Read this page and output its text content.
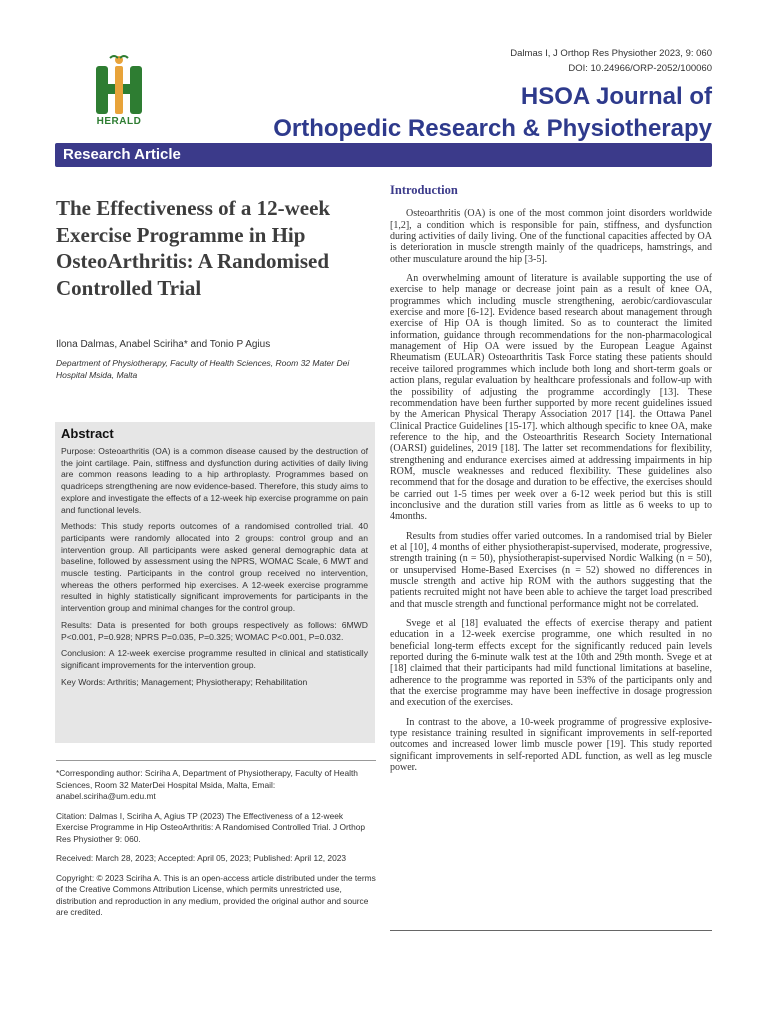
Dalmas I, J Orthop Res Physiother 2023, 9: 060
DOI: 10.24966/ORP-2052/100060
HERALD
HSOA Journal of
Orthopedic Research & Physiotherapy
Research Article
The Effectiveness of a 12-week Exercise Programme in Hip OsteoArthritis: A Randomised Controlled Trial
Ilona Dalmas, Anabel Sciriha* and Tonio P Agius
Department of Physiotherapy, Faculty of Health Sciences, Room 32 Mater Dei Hospital Msida, Malta
Abstract

Purpose: Osteoarthritis (OA) is a common disease caused by the destruction of the joint cartilage. Pain, stiffness and dysfunction during activities of daily living are common reasons leading to a hip arthroplasty. Programmes based on quadriceps strengthening are now evidence-based. Therefore, this study aims to explore and investigate the effects of a 12-week hip exercise programme on pain and functional levels.

Methods: This study reports outcomes of a randomised controlled trial. 40 participants were randomly allocated into 2 groups: control group and an intervention group. All participants were asked general demographic data at baseline, followed by assessment using the NPRS, WOMAC Scale, 6 MWT and muscle testing. Participants in the control group received no intervention, whereas the others performed hip exercises. A 12-week exercise programme resulted in highly statistically significant improvements for participants in the intervention group and minimal changes for the control group.

Results: Data is presented for both groups respectively as follows: 6MWD P<0.001, P=0.928; NPRS P=0.035, P=0.325; WOMAC P<0.001, P=0.032.

Conclusion: A 12-week exercise programme resulted in clinical and statistically significant improvements for the intervention group.

Key Words: Arthritis; Management; Physiotherapy; Rehabilitation

*Corresponding author: Sciriha A, Department of Physiotherapy, Faculty of Health Sciences, Room 32 MaterDei Hospital Msida, Malta, Email: anabel.sciriha@um.edu.mt

Citation: Dalmas I, Sciriha A, Agius TP (2023) The Effectiveness of a 12-week Exercise Programme in Hip OsteoArthritis: A Randomised Controlled Trial. J Orthop Res Physiother 9: 060.

Received: March 28, 2023; Accepted: April 05, 2023; Published: April 12, 2023

Copyright: © 2023 Sciriha A. This is an open-access article distributed under the terms of the Creative Commons Attribution License, which permits unrestricted use, distribution and reproduction in any medium, provided the original author and source are credited.

Introduction

Osteoarthritis (OA) is one of the most common joint disorders worldwide [1,2], a condition which is responsible for pain, stiffness, and dysfunction during activities of daily living. One of the functional capacities affected by OA is deterioration in muscle strength mainly of the quadriceps, hamstrings, and other musculature around the hip [3-5].

An overwhelming amount of literature is available supporting the use of exercise to help manage or decrease joint pain as a result of knee OA, programmes which including muscle strengthening, aerobic/cardiovascular exercise and more [6-12]. Evidence based research about management through exercise of Hip OA is though limited. So as to counteract the limited information, guidance through recommendations for the non-pharmacological management of Hip OA were issued by the European League Against Rheumatism (EULAR) Osteoarthritis Task Force stating these patients should receive tailored programmes which include both long and short-term goals or action plans, regular evaluation by healthcare professionals and follow-up with the possibility of adjusting the programme accordingly [13]. These recommendation have been further supported by more recent guidelines issued by the American Physical Therapy Association 2017 [14]. the Ottawa Panel Clinical Practice Guidelines [15-17]. which although specific to knee OA, make reference to the hip, and the Osteoarthritis Research Society International (OARSI) guidelines, 2019 [18]. The latter set recommendations for flexibility, strengthening and endurance exercises aimed at addressing impairments in hip ROM, muscle weaknesses and reduced flexibility. These guidelines also recommend that for the dosage and duration to be effective, the exercises should be carried out 1-5 times per week over a 6-12 week period but this is still inconclusive and the duration still varies from as little as 6 weeks to up to 4months.

Results from studies offer varied outcomes. In a randomised trial by Bieler et al [10], 4 months of either physiotherapist-supervised, moderate, progressive, strength training (n = 50), physiotherapist-supervised Nordic Walking (n = 50), or unsupervised Home-Based Exercises (n = 52) showed no differences in muscle strength and active hip ROM with the authors suggesting that the patients recruited might not have been able to achieve the target load prescribed and that muscle strength and functional performance might not be correlated.

Svege et al [18] evaluated the effects of exercise therapy and patient education in a 12-week exercise programme, one which resulted in no beneficial long-term effects except for the significantly reduced pain levels reported during the 6-minute walk test at the 10th and 29th month. Svege et at [18] claimed that their participants had mild functional limitations at baseline, adherence to the programme was reported in 53% of the participants only and that the exercise programme may have been ineffective in dosage progression and execution of the exercises.

In contrast to the above, a 10-week programme of progressive explosive-type resistance training resulted in significant improvements in self-reported outcomes and increased lower limb muscle power [19]. This study reported significant improvements in self-reported ADL function, as well as leg muscle power.
